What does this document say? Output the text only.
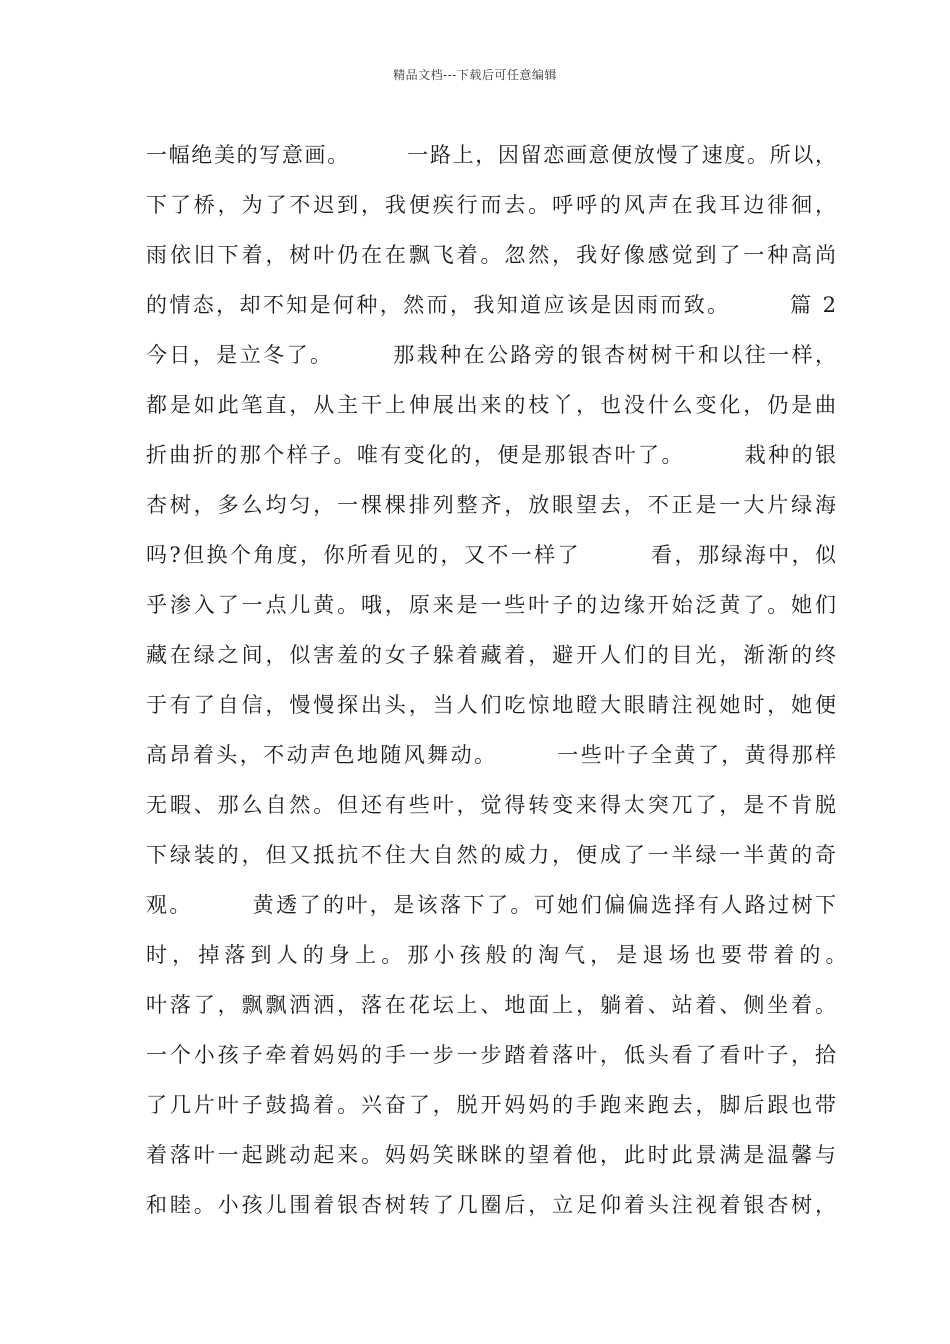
精品文档---下载后可任意编辑
一幅绝美的写意画。　　　一路上，因留恋画意便放慢了速度。所以，
下了桥，为了不迟到，我便疾行而去。呼呼的风声在我耳边徘徊，
雨依旧下着，树叶仍在在飘飞着。忽然，我好像感觉到了一种高尚
的情态，却不知是何种，然而，我知道应该是因雨而致。　　　篇 2
今日，是立冬了。　　　那栽种在公路旁的银杏树树干和以往一样，
都是如此笔直，从主干上伸展出来的枝丫，也没什么变化，仍是曲
折曲折的那个样子。唯有变化的，便是那银杏叶了。　　　栽种的银
杏树，多么均匀，一棵棵排列整齐，放眼望去，不正是一大片绿海
吗?但换个角度，你所看见的，又不一样了　　　看，那绿海中，似
乎渗入了一点儿黄。哦，原来是一些叶子的边缘开始泛黄了。她们
藏在绿之间，似害羞的女子躲着藏着，避开人们的目光，渐渐的终
于有了自信，慢慢探出头，当人们吃惊地瞪大眼睛注视她时，她便
高昂着头，不动声色地随风舞动。　　　一些叶子全黄了，黄得那样
无暇、那么自然。但还有些叶，觉得转变来得太突兀了，是不肯脱
下绿装的，但又抵抗不住大自然的威力，便成了一半绿一半黄的奇
观。　　　黄透了的叶，是该落下了。可她们偏偏选择有人路过树下
时，掉落到人的身上。那小孩般的淘气，是退场也要带着的。　　
叶落了，飘飘洒洒，落在花坛上、地面上，躺着、站着、侧坐着。
一个小孩子牵着妈妈的手一步一步踏着落叶，低头看了看叶子，拾
了几片叶子鼓捣着。兴奋了，脱开妈妈的手跑来跑去，脚后跟也带
着落叶一起跳动起来。妈妈笑眯眯的望着他，此时此景满是温馨与
和睦。小孩儿围着银杏树转了几圈后，立足仰着头注视着银杏树，
